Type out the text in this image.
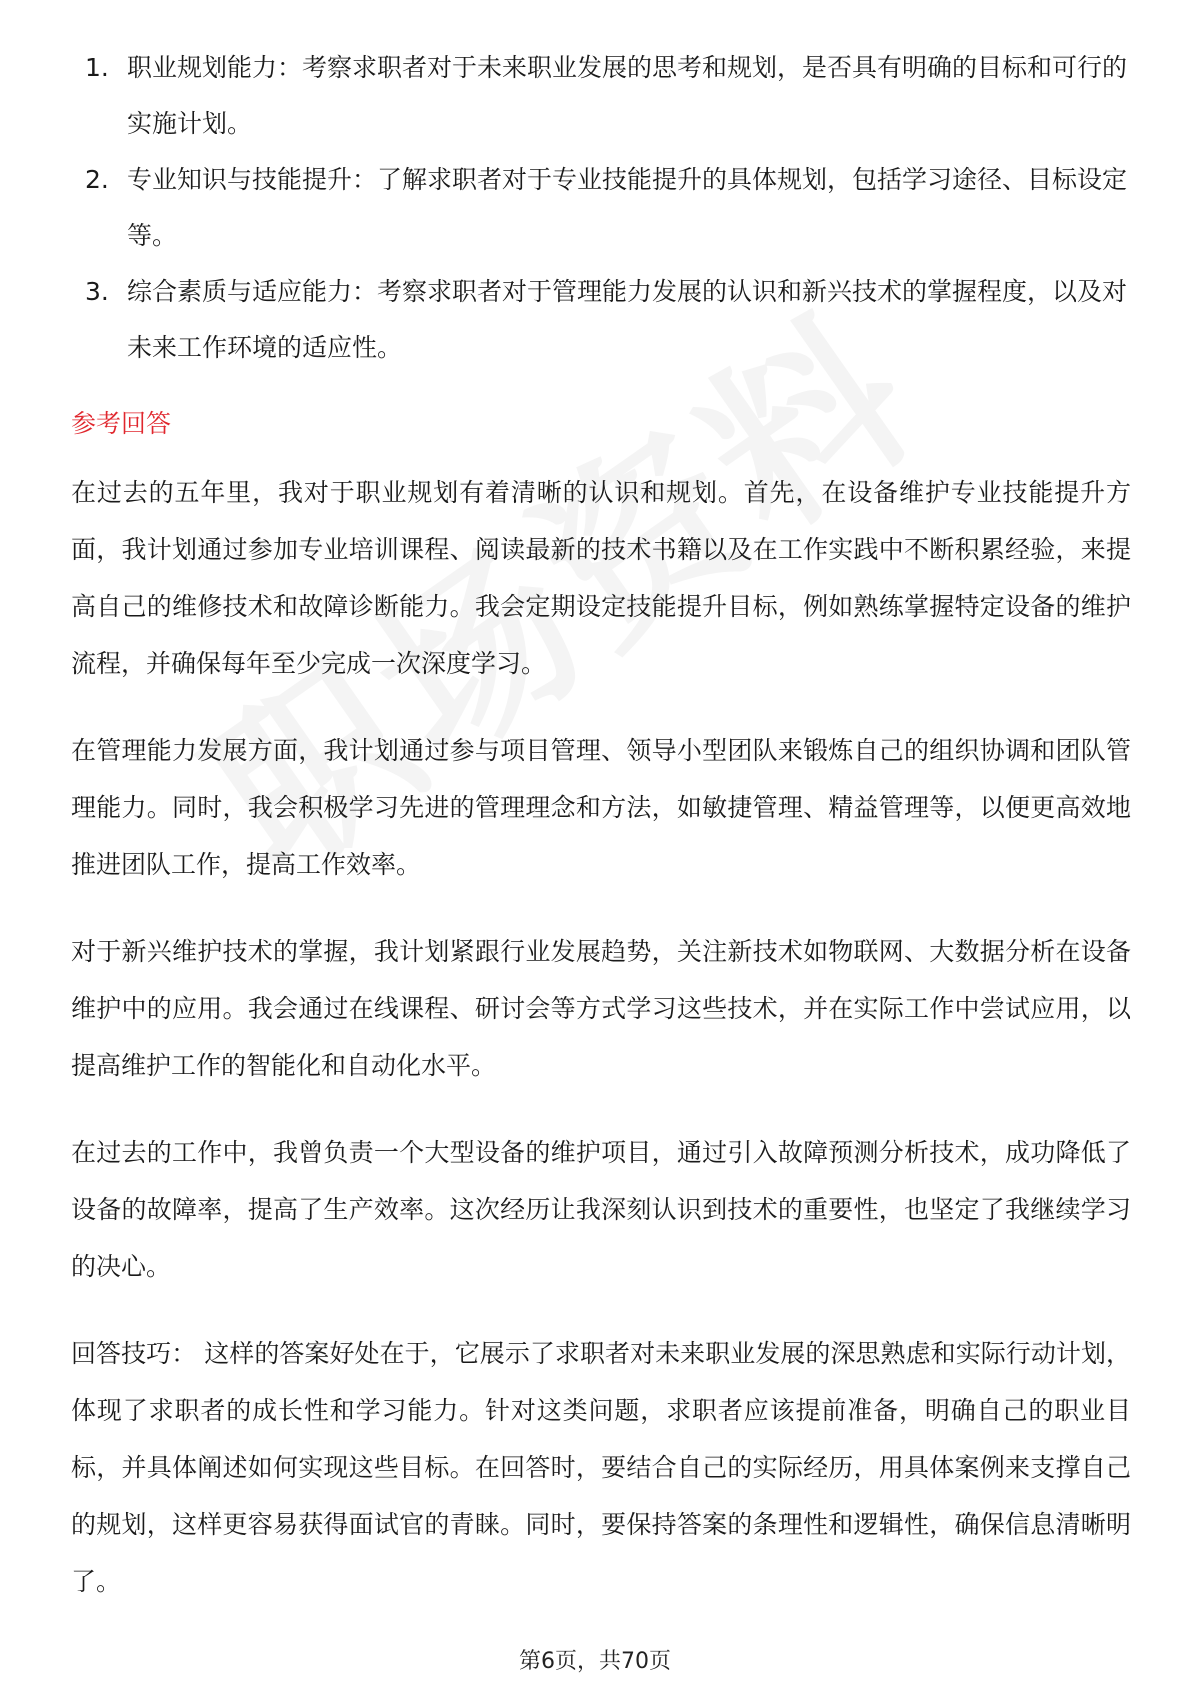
1. 职业规划能力：考察求职者对于未来职业发展的思考和规划，是否具有明确的目标和可行的实施计划。
2. 专业知识与技能提升：了解求职者对于专业技能提升的具体规划，包括学习途径、目标设定等。
3. 综合素质与适应能力：考察求职者对于管理能力发展的认识和新兴技术的掌握程度，以及对未来工作环境的适应性。
参考回答

在过去的五年里，我对于职业规划有着清晰的认识和规划。首先，在设备维护专业技能提升方面，我计划通过参加专业培训课程、阅读最新的技术书籍以及在工作实践中不断积累经验，来提高自己的维修技术和故障诊断能力。我会定期设定技能提升目标，例如熟练掌握特定设备的维护流程，并确保每年至少完成一次深度学习。

在管理能力发展方面，我计划通过参与项目管理、领导小型团队来锻炼自己的组织协调和团队管理能力。同时，我会积极学习先进的管理理念和方法，如敏捷管理、精益管理等，以便更高效地推进团队工作，提高工作效率。

对于新兴维护技术的掌握，我计划紧跟行业发展趋势，关注新技术如物联网、大数据分析在设备维护中的应用。我会通过在线课程、研讨会等方式学习这些技术，并在实际工作中尝试应用，以提高维护工作的智能化和自动化水平。

在过去的工作中，我曾负责一个大型设备的维护项目，通过引入故障预测分析技术，成功降低了设备的故障率，提高了生产效率。这次经历让我深刻认识到技术的重要性，也坚定了我继续学习的决心。

回答技巧： 这样的答案好处在于，它展示了求职者对未来职业发展的深思熟虑和实际行动计划，体现了求职者的成长性和学习能力。针对这类问题，求职者应该提前准备，明确自己的职业目标，并具体阐述如何实现这些目标。在回答时，要结合自己的实际经历，用具体案例来支撑自己的规划，这样更容易获得面试官的青睐。同时，要保持答案的条理性和逻辑性，确保信息清晰明了。

第6页，共70页
